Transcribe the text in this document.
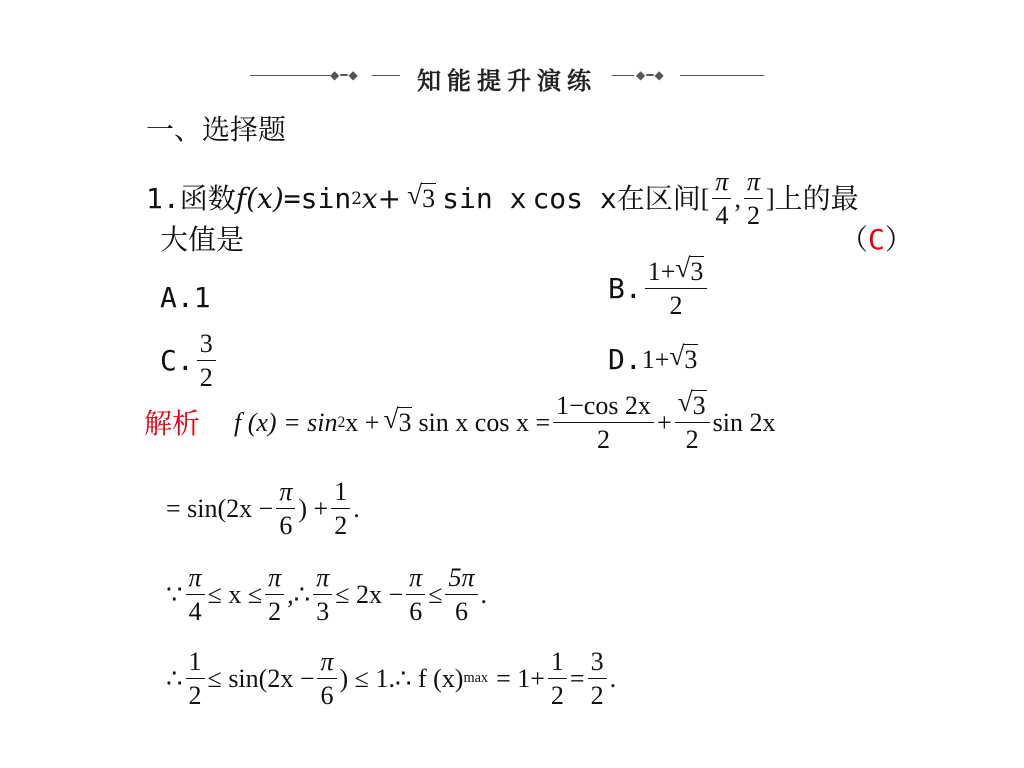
◆━◆	知能提升演练	◆━◆
一、选择题
1. 函数 f(x) =sin 2 x+ √ 3 sin x cos x 在区间 [ $\frac{\pi}{4}$ , $\frac{\pi}{2}$ ] 上的最
大值是	（C）
A.1	B. $\frac{1+ √ 3}{2}$
C. $\frac{3}{2}$	D. 1+ √ 3
解析 f (x) = sin 2 x + √ 3 sin x $\cos x = \frac{1-\cos 2x}{2} + \frac{√ 3}{2}$ sin 2x
= $\sin(2x - \frac{\pi}{6}$ ) + $\frac{1}{2}$ .
∵ $\frac{\pi}{4} \le x \le \frac{\pi}{2}$ ,∴ $\frac{\pi}{3} \le 2x - \frac{\pi}{6} \le \frac{5\pi}{6}$ .
∴ $\frac{1}{2} \le \sin(2x - \frac{\pi}{6}$ ) ≤ 1.∴ f (x) $\max = 1+ \frac{1}{2} = \frac{3}{2}$ .
